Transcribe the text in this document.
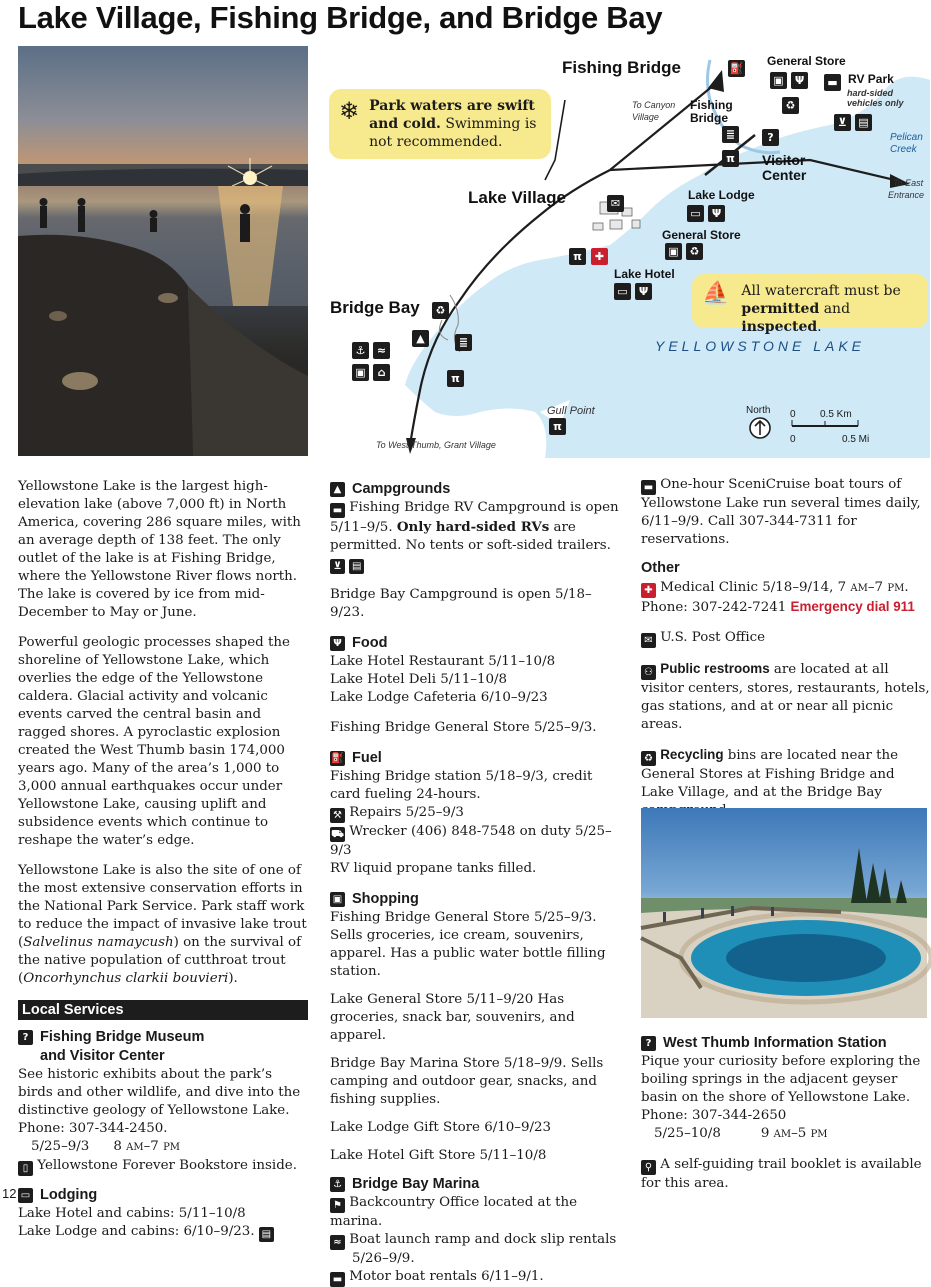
Lake Village, Fishing Bridge, and Bridge Bay
Fishing Bridge	General Store
RV Park
hard-sided
vehicles only
To Canyon
Village
Fishing
Bridge
Visitor
Center
Pelican
Creek
To East
Entrance
Lake Village	Lake Lodge
General Store
Lake Hotel
Bridge Bay
YELLOWSTONE LAKE
Gull Point
To West Thumb, Grant Village
North 0 0.5 Km
0	0.5 Mi
⛽
▣	Ψ	▬
♻
⊻	▤
≣	?
π
✉
▭	Ψ
▣ ♻
π	✚
▭	Ψ
♻
▲	≣
⚓	≈
▣	⌂	π
π
❄ Park waters are swift and cold. Swimming is not recommended.
⛵ All watercraft must be permitted and inspected.

Yellowstone Lake is the largest high-elevation lake (above 7,000 ft) in North America, covering 286 square miles, with an average depth of 138 feet. The only outlet of the lake is at Fishing Bridge, where the Yellowstone River flows north. The lake is covered by ice from mid-December to May or June.

Powerful geologic processes shaped the shoreline of Yellowstone Lake, which overlies the edge of the Yellowstone caldera. Glacial activity and volcanic events carved the central basin and ragged shores. A pyroclastic explosion created the West Thumb basin 174,000 years ago. Many of the area’s 1,000 to 3,000 annual earthquakes occur under Yellowstone Lake, causing uplift and subsidence events which continue to reshape the water’s edge.

Yellowstone Lake is also the site of one of the most extensive conservation efforts in the National Park Service. Park staff work to reduce the impact of invasive lake trout (Salvelinus namaycush) on the survival of the native population of cutthroat trout (Oncorhynchus clarkii bouvieri).

Local Services
? Fishing Bridge Museum
and Visitor Center
See historic exhibits about the park’s birds and other wildlife, and dive into the distinctive geology of Yellowstone Lake.
Phone: 307-344-2450.
5/25–9/3 8 AM–7 PM
▯ Yellowstone Forever Bookstore inside.
▭ Lodging
Lake Hotel and cabins: 5/11–10/8
Lake Lodge and cabins: 6/10–9/23. ▤
▲ Campgrounds

▬ Fishing Bridge RV Campground is open 5/11–9/5. Only hard-sided RVs are permitted. No tents or soft-sided trailers. ⊻ ▤

Bridge Bay Campground is open 5/18–9/23.

Ψ Food
Lake Hotel Restaurant 5/11–10/8
Lake Hotel Deli 5/11–10/8
Lake Lodge Cafeteria 6/10–9/23

Fishing Bridge General Store 5/25–9/3.

⛽ Fuel
Fishing Bridge station 5/18–9/3, credit card fueling 24-hours.
⚒ Repairs 5/25–9/3
⛟ Wrecker (406) 848-7548 on duty 5/25–9/3
RV liquid propane tanks filled.
▣ Shopping

Fishing Bridge General Store 5/25–9/3. Sells groceries, ice cream, souvenirs, apparel. Has a public water bottle filling station.

Lake General Store 5/11–9/20 Has groceries, snack bar, souvenirs, and apparel.

Bridge Bay Marina Store 5/18–9/9. Sells camping and outdoor gear, snacks, and fishing supplies.

Lake Lodge Gift Store 6/10–9/23

Lake Hotel Gift Store 5/11–10/8

⚓ Bridge Bay Marina
⚑ Backcountry Office located at the marina.
≈ Boat launch ramp and dock slip rentals
5/26–9/9.
▬ Motor boat rentals 6/11–9/1.

▬ One-hour SceniCruise boat tours of Yellowstone Lake run several times daily, 6/11–9/9. Call 307-344-7311 for reservations.

Other
✚ Medical Clinic 5/18–9/14, 7 AM–7 PM.
Phone: 307-242-7241 Emergency dial 911

✉ U.S. Post Office

⚇ Public restrooms are located at all visitor centers, stores, restaurants, hotels, gas stations, and at or near all picnic areas.

♻ Recycling bins are located near the General Stores at Fishing Bridge and Lake Village, and at the Bridge Bay

? West Thumb Information Station
Pique your curiosity before exploring the boiling springs in the adjacent geyser basin on the shore of Yellowstone Lake.
Phone: 307-344-2650
5/25–10/8	9 AM–5 PM
⚲ A self-guiding trail booklet is available for this area.
12
